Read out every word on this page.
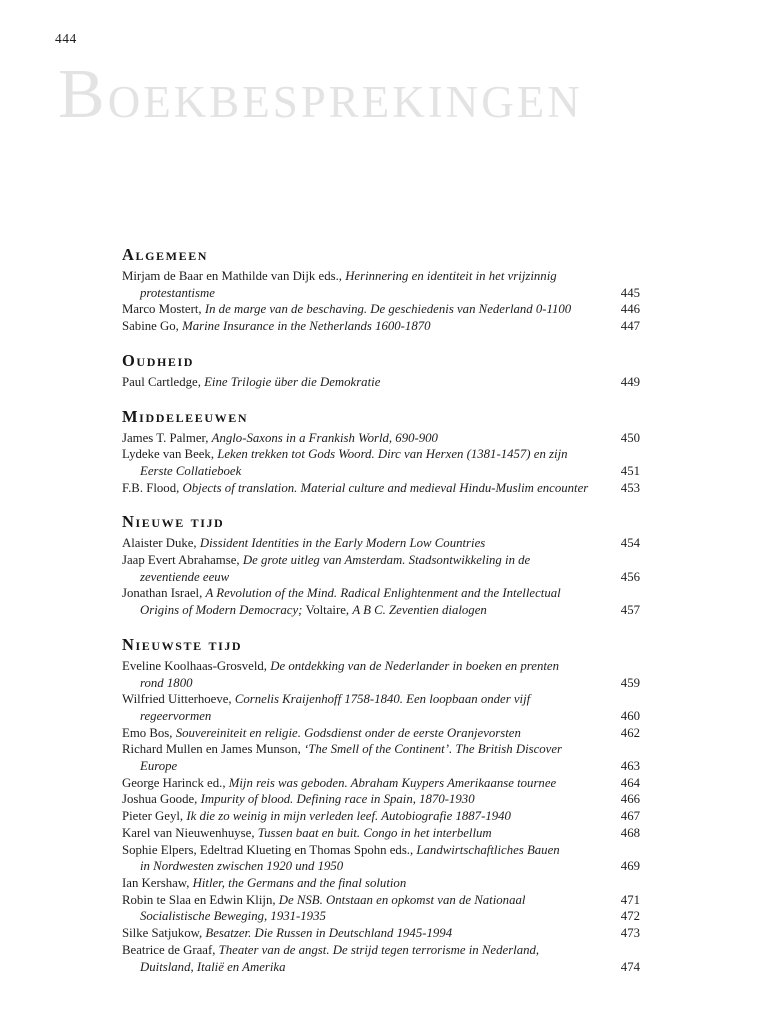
444
BOEKBESPREKINGEN
Algemeen
Mirjam de Baar en Mathilde van Dijk eds., Herinnering en identiteit in het vrijzinnig
protestantisme	445
Marco Mostert, In de marge van de beschaving. De geschiedenis van Nederland 0-1100	446
Sabine Go, Marine Insurance in the Netherlands 1600-1870	447
Oudheid
Paul Cartledge, Eine Trilogie über die Demokratie	449
Middeleeuwen
James T. Palmer, Anglo-Saxons in a Frankish World, 690-900	450
Lydeke van Beek, Leken trekken tot Gods Woord. Dirc van Herxen (1381-1457) en zijn
Eerste Collatieboek	451
F.B. Flood, Objects of translation. Material culture and medieval Hindu-Muslim encounter	453
Nieuwe tijd
Alaister Duke, Dissident Identities in the Early Modern Low Countries	454
Jaap Evert Abrahamse, De grote uitleg van Amsterdam. Stadsontwikkeling in de
zeventiende eeuw	456
Jonathan Israel, A Revolution of the Mind. Radical Enlightenment and the Intellectual
Origins of Modern Democracy; Voltaire, A B C. Zeventien dialogen	457
Nieuwste tijd
Eveline Koolhaas-Grosveld, De ontdekking van de Nederlander in boeken en prenten
rond 1800	459
Wilfried Uitterhoeve, Cornelis Kraijenhoff 1758-1840. Een loopbaan onder vijf
regeervormen	460
Emo Bos, Souvereiniteit en religie. Godsdienst onder de eerste Oranjevorsten	462
Richard Mullen en James Munson, ‘The Smell of the Continent’. The British Discover
Europe	463
George Harinck ed., Mijn reis was geboden. Abraham Kuypers Amerikaanse tournee	464
Joshua Goode, Impurity of blood. Defining race in Spain, 1870-1930	466
Pieter Geyl, Ik die zo weinig in mijn verleden leef. Autobiografie 1887-1940	467
Karel van Nieuwenhuyse, Tussen baat en buit. Congo in het interbellum	468
Sophie Elpers, Edeltrad Klueting en Thomas Spohn eds., Landwirtschaftliches Bauen
in Nordwesten zwischen 1920 und 1950	469
Ian Kershaw, Hitler, the Germans and the final solution
Robin te Slaa en Edwin Klijn, De NSB. Ontstaan en opkomst van de Nationaal	471
Socialistische Beweging, 1931-1935	472
Silke Satjukow, Besatzer. Die Russen in Deutschland 1945-1994	473
Beatrice de Graaf, Theater van de angst. De strijd tegen terrorisme in Nederland,
Duitsland, Italië en Amerika	474
